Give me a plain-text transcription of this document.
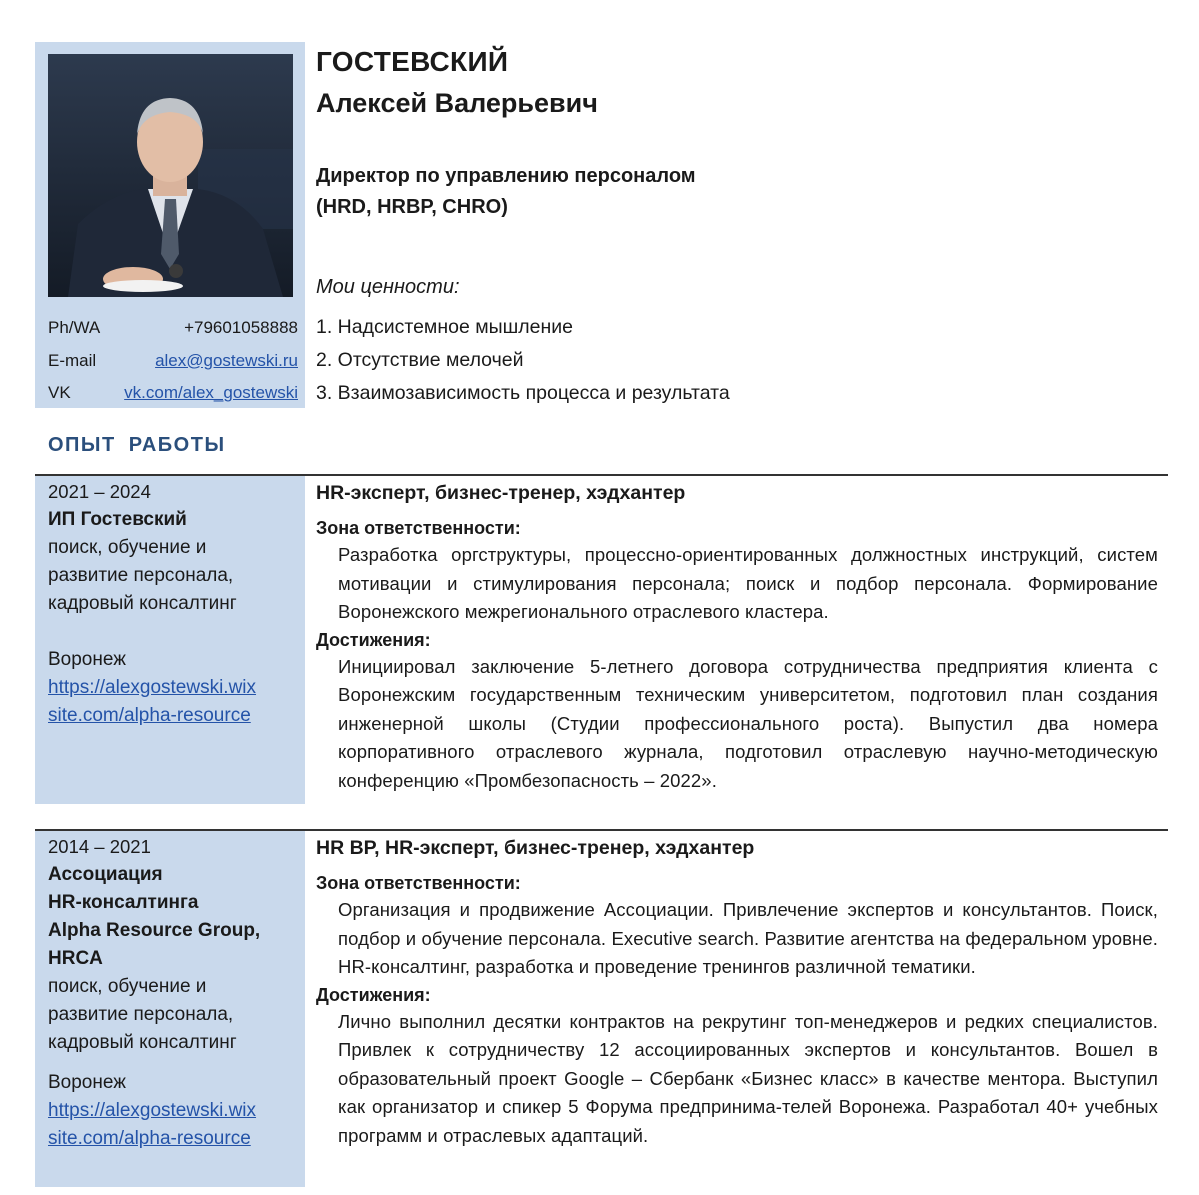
Ph/WA	+79601058888
E-mail	alex@gostewski.ru
VK	vk.com/alex_gostewski
ГОСТЕВСКИЙ
Алексей Валерьевич
Директор по управлению персоналом
(HRD, HRBP, CHRO)
Мои ценности:
1. Надсистемное мышление
2. Отсутствие мелочей
3. Взаимозависимость процесса и результата
ОПЫТ РАБОТЫ
2021 – 2024
ИП Гостевский
поиск, обучение и
развитие персонала,
кадровый консалтинг
Воронеж
https://alexgostewski.wix
site.com/alpha-resource
HR-эксперт, бизнес-тренер, хэдхантер
Зона ответственности:
Разработка оргструктуры, процессно-ориентированных должностных инструкций, систем мотивации и стимулирования персонала; поиск и подбор персонала. Формирование Воронежского межрегионального отраслевого кластера.
Достижения:
Инициировал заключение 5-летнего договора сотрудничества предприятия клиента с Воронежским государственным техническим университетом, подготовил план создания инженерной школы (Студии профессионального роста). Выпустил два номера корпоративного отраслевого журнала, подготовил отраслевую научно-методическую конференцию «Промбезопасность – 2022».
2014 – 2021
Ассоциация
HR-консалтинга
Alpha Resource Group,
HRCA
поиск, обучение и
развитие персонала,
кадровый консалтинг
Воронеж
https://alexgostewski.wix
site.com/alpha-resource
HR BP, HR-эксперт, бизнес-тренер, хэдхантер
Зона ответственности:
Организация и продвижение Ассоциации. Привлечение экспертов и консультантов. Поиск, подбор и обучение персонала. Executive search. Развитие агентства на федеральном уровне. HR-консалтинг, разработка и проведение тренингов различной тематики.
Достижения:
Лично выполнил десятки контрактов на рекрутинг топ-менеджеров и редких специалистов. Привлек к сотрудничеству 12 ассоциированных экспертов и консультантов. Вошел в образовательный проект Google – Сбербанк «Бизнес класс» в качестве ментора. Выступил как организатор и спикер 5 Форума предпринима-телей Воронежа. Разработал 40+ учебных программ и отраслевых адаптаций.
